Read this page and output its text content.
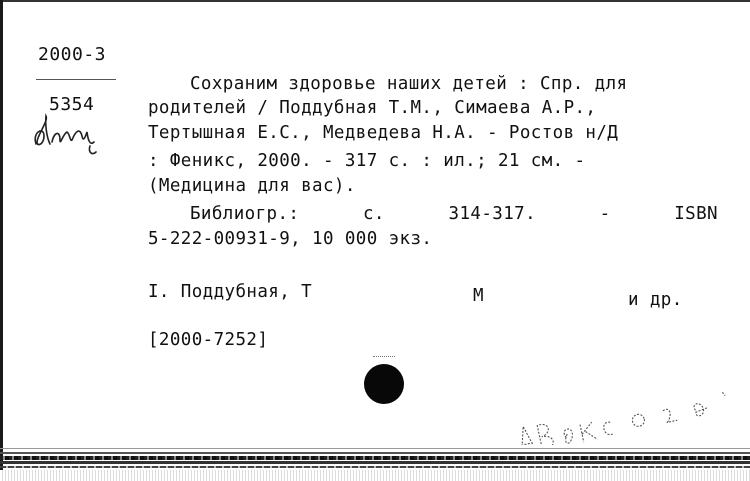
2000-3
5354

Сохраним здоровье наших детей : Спр. для

родителей / Поддубная Т.М., Симаева А.Р.,

Тертышная Е.С., Медведева Н.А. - Ростов н/Д

: Феникс, 2000. - 317 с. : ил.; 21 см. -

(Медицина для вас).

Библиогр.:	с.	314-317.	-	ISBN

5-222-00931-9, 10 000 экз.

I. Поддубная, Т

	М

	и др.

[2000-7252]
